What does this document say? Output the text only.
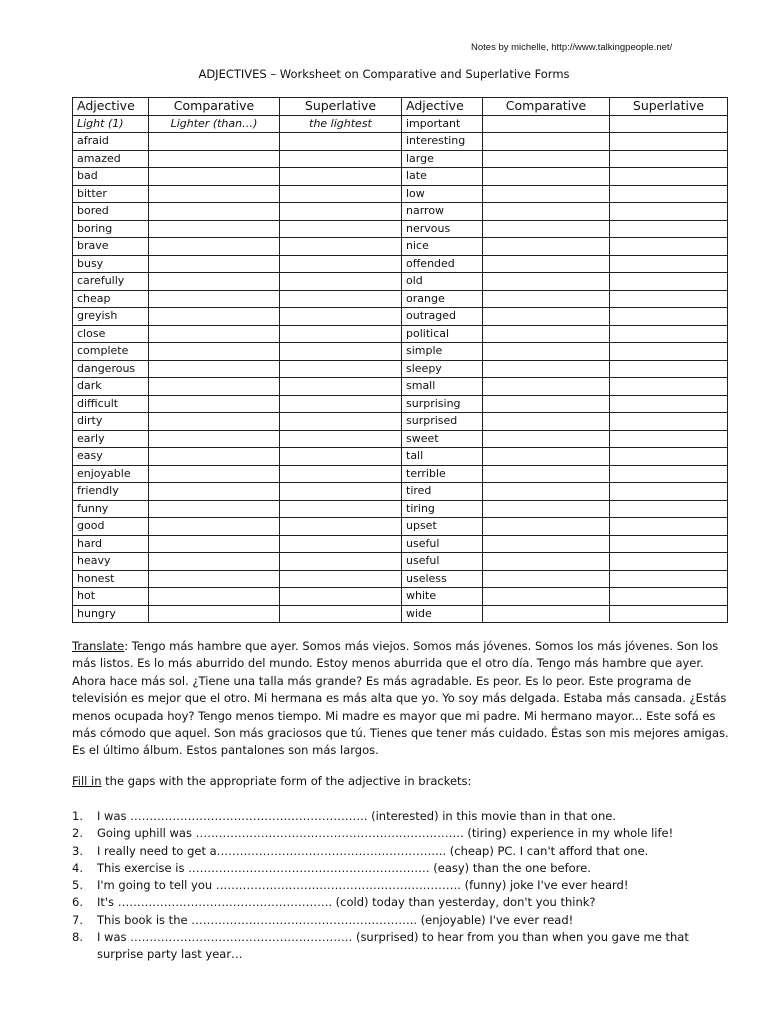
Notes by michelle, http://www.talkingpeople.net/
ADJECTIVES – Worksheet on Comparative and Superlative Forms
Adjective	Comparative	Superlative	Adjective	Comparative	Superlative
Light (1)	Lighter (than…)	the lightest	important		
afraid			interesting		
amazed			large		
bad			late		
bitter			low		
bored			narrow		
boring			nervous		
brave			nice		
busy			offended		
carefully			old		
cheap			orange		
greyish			outraged		
close			political		
complete			simple		
dangerous			sleepy		
dark			small		
difficult			surprising		
dirty			surprised		
early			sweet		
easy			tall		
enjoyable			terrible		
friendly			tired		
funny			tiring		
good			upset		
hard			useful		
heavy			useful		
honest			useless		
hot			white		
hungry			wide		

Translate: Tengo más hambre que ayer. Somos más viejos. Somos más jóvenes. Somos los más jóvenes. Son los más listos. Es lo más aburrido del mundo. Estoy menos aburrida que el otro día. Tengo más hambre que ayer. Ahora hace más sol. ¿Tiene una talla más grande? Es más agradable. Es peor. Es lo peor. Este programa de televisión es mejor que el otro. Mi hermana es más alta que yo. Yo soy más delgada. Estaba más cansada. ¿Estás menos ocupada hoy? Tengo menos tiempo. Mi madre es mayor que mi padre. Mi hermano mayor... Este sofá es más cómodo que aquel. Son más graciosos que tú. Tienes que tener más cuidado. Éstas son mis mejores amigas. Es el último álbum. Estos pantalones son más largos.

Fill in the gaps with the appropriate form of the adjective in brackets:

1. I was …………………………………………………….. (interested) in this movie than in that one.
2. Going uphill was ……………………………………………………………. (tiring) experience in my whole life!
3. I really need to get a…………………………………………………... (cheap) PC. I can't afford that one.
4. This exercise is ……………………………………………………… (easy) than the one before.
5. I'm going to tell you ………………………………………………………. (funny) joke I've ever heard!
6. It's ……………………………………………….. (cold) today than yesterday, don't you think?
7. This book is the ………………………………………………….. (enjoyable) I've ever read!
8. I was …………………………………………………. (surprised) to hear from you than when you gave me that surprise party last year…
